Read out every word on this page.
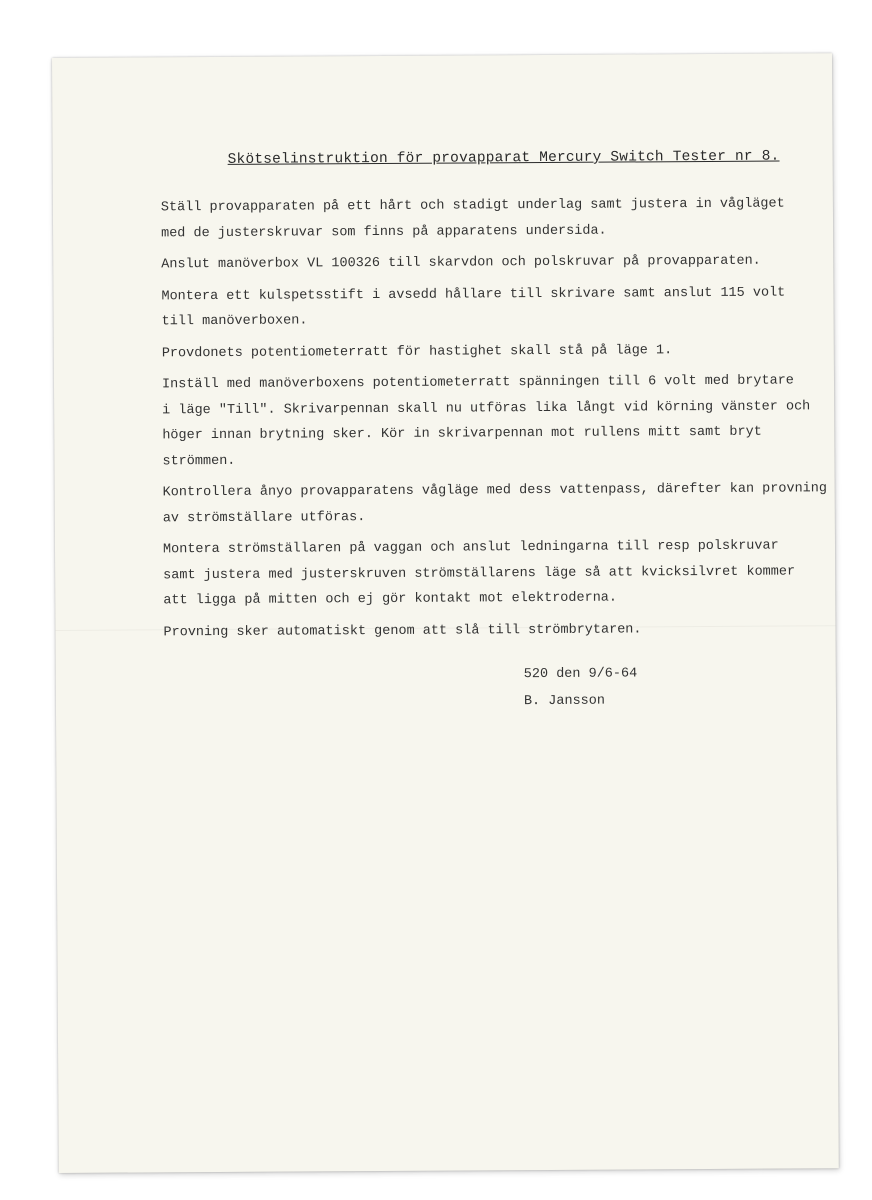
Skötselinstruktion för provapparat Mercury Switch Tester nr 8.
Ställ provapparaten på ett hårt och stadigt underlag samt justera in vågläget
med de justerskruvar som finns på apparatens undersida.
Anslut manöverbox VL 100326 till skarvdon och polskruvar på provapparaten.
Montera ett kulspetsstift i avsedd hållare till skrivare samt anslut 115 volt
till manöverboxen.
Provdonets potentiometerratt för hastighet skall stå på läge 1.
Inställ med manöverboxens potentiometerratt spänningen till 6 volt med brytare
i läge "Till". Skrivarpennan skall nu utföras lika långt vid körning vänster och
höger innan brytning sker. Kör in skrivarpennan mot rullens mitt samt bryt
strömmen.
Kontrollera ånyo provapparatens vågläge med dess vattenpass, därefter kan provning
av strömställare utföras.
Montera strömställaren på vaggan och anslut ledningarna till resp polskruvar
samt justera med justerskruven strömställarens läge så att kvicksilvret kommer
att ligga på mitten och ej gör kontakt mot elektroderna.
Provning sker automatiskt genom att slå till strömbrytaren.
520 den 9/6-64
B. Jansson
